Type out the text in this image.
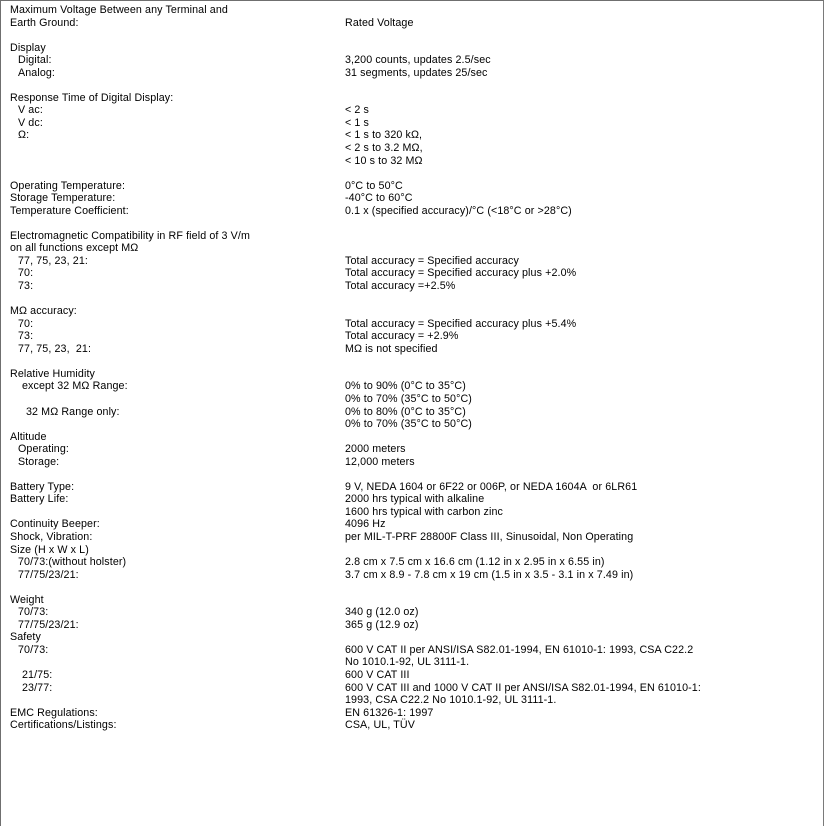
Maximum Voltage Between any Terminal and
Earth Ground:	Rated Voltage
Display
Digital:	3,200 counts, updates 2.5/sec
Analog:	31 segments, updates 25/sec
Response Time of Digital Display:
V ac:	< 2 s
V dc:	< 1 s
Ω:	< 1 s to 320 kΩ,
< 2 s to 3.2 MΩ,
< 10 s to 32 MΩ
Operating Temperature:	0°C to 50°C
Storage Temperature:	-40°C to 60°C
Temperature Coefficient:	0.1 x (specified accuracy)/°C (<18°C or >28°C)
Electromagnetic Compatibility in RF field of 3 V/m
on all functions except MΩ
77, 75, 23, 21:	Total accuracy = Specified accuracy
70:	Total accuracy = Specified accuracy plus +2.0%
73:	Total accuracy =+2.5%
MΩ accuracy:
70:	Total accuracy = Specified accuracy plus +5.4%
73:	Total accuracy = +2.9%
77, 75, 23,  21:	MΩ is not specified
Relative Humidity
except 32 MΩ Range:	0% to 90% (0°C to 35°C)
0% to 70% (35°C to 50°C)
32 MΩ Range only:	0% to 80% (0°C to 35°C)
0% to 70% (35°C to 50°C)
Altitude
Operating:	2000 meters
Storage:	12,000 meters
Battery Type:	9 V, NEDA 1604 or 6F22 or 006P, or NEDA 1604A  or 6LR61
Battery Life:	2000 hrs typical with alkaline
1600 hrs typical with carbon zinc
Continuity Beeper:	4096 Hz
Shock, Vibration:	per MIL-T-PRF 28800F Class III, Sinusoidal, Non Operating
Size (H x W x L)
70/73:(without holster)	2.8 cm x 7.5 cm x 16.6 cm (1.12 in x 2.95 in x 6.55 in)
77/75/23/21:	3.7 cm x 8.9 - 7.8 cm x 19 cm (1.5 in x 3.5 - 3.1 in x 7.49 in)
Weight
70/73:	340 g (12.0 oz)
77/75/23/21:	365 g (12.9 oz)
Safety
70/73:	600 V CAT II per ANSI/ISA S82.01-1994, EN 61010-1: 1993, CSA C22.2
No 1010.1-92, UL 3111-1.
21/75:	600 V CAT III
23/77:	600 V CAT III and 1000 V CAT II per ANSI/ISA S82.01-1994, EN 61010-1:
1993, CSA C22.2 No 1010.1-92, UL 3111-1.
EMC Regulations:	EN 61326-1: 1997
Certifications/Listings:	CSA, UL, TÜV
